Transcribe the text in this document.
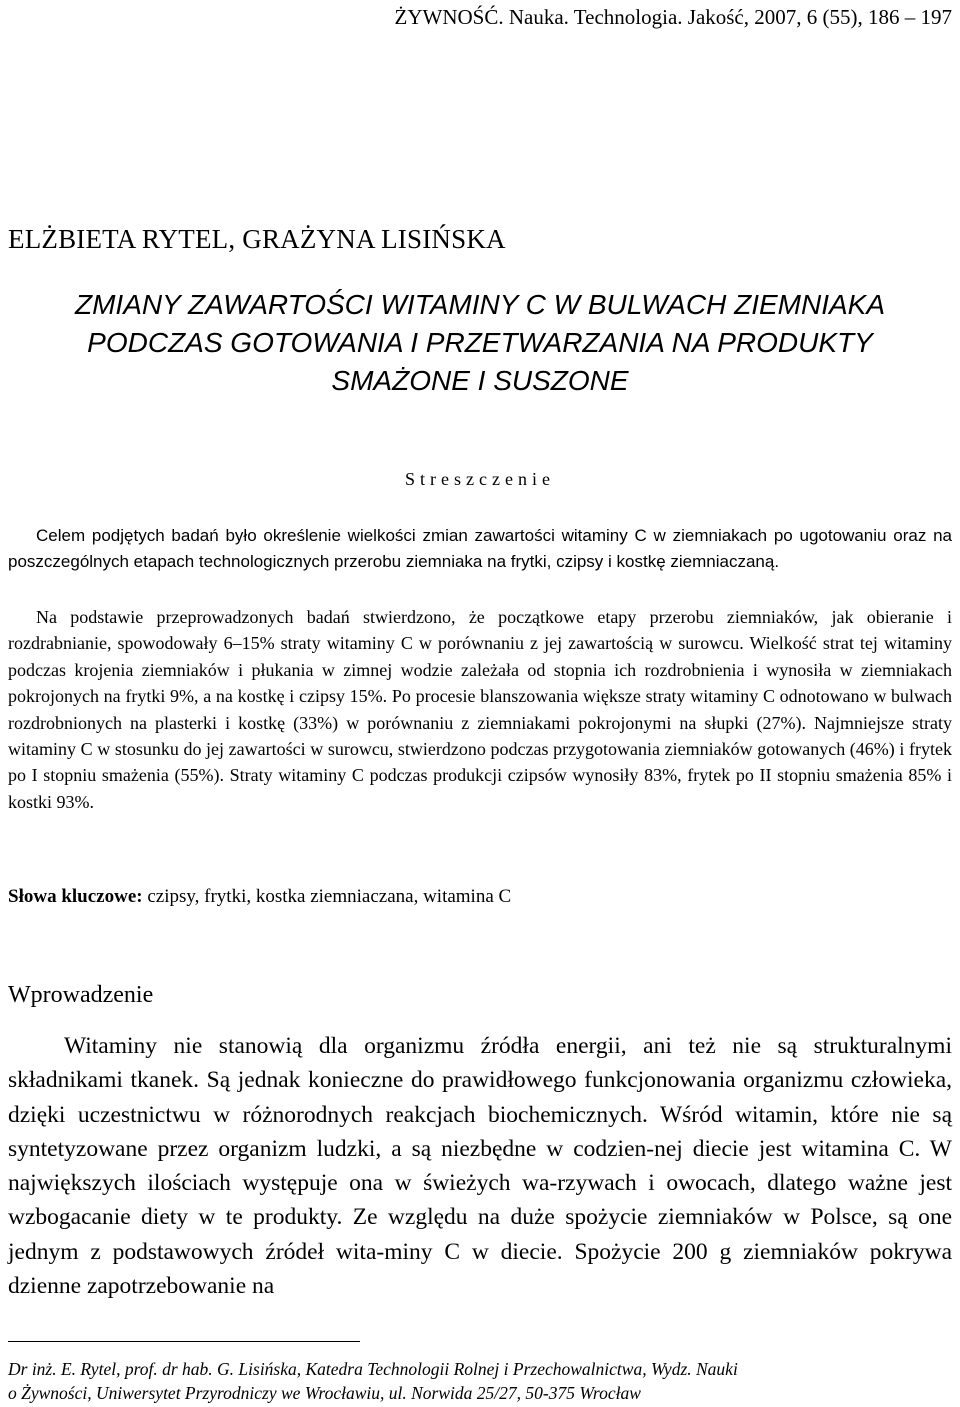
ŻYWNOŚĆ. Nauka. Technologia. Jakość, 2007, 6 (55), 186 – 197
ELŻBIETA RYTEL, GRAŻYNA LISIŃSKA
ZMIANY ZAWARTOŚCI WITAMINY C W BULWACH ZIEMNIAKA
PODCZAS GOTOWANIA I PRZETWARZANIA NA PRODUKTY
SMAŻONE I SUSZONE
Streszczenie

Celem podjętych badań było określenie wielkości zmian zawartości witaminy C w ziemniakach po ugotowaniu oraz na poszczególnych etapach technologicznych przerobu ziemniaka na frytki, czipsy i kostkę ziemniaczaną.

Na podstawie przeprowadzonych badań stwierdzono, że początkowe etapy przerobu ziemniaków, jak obieranie i rozdrabnianie, spowodowały 6–15% straty witaminy C w porównaniu z jej zawartością w surowcu. Wielkość strat tej witaminy podczas krojenia ziemniaków i płukania w zimnej wodzie zależała od stopnia ich rozdrobnienia i wynosiła w ziemniakach pokrojonych na frytki 9%, a na kostkę i czipsy 15%. Po procesie blanszowania większe straty witaminy C odnotowano w bulwach rozdrobnionych na plasterki i kostkę (33%) w porównaniu z ziemniakami pokrojonymi na słupki (27%). Najmniejsze straty witaminy C w stosunku do jej zawartości w surowcu, stwierdzono podczas przygotowania ziemniaków gotowanych (46%) i frytek po I stopniu smażenia (55%). Straty witaminy C podczas produkcji czipsów wynosiły 83%, frytek po II stopniu smażenia 85% i kostki 93%.

Słowa kluczowe: czipsy, frytki, kostka ziemniaczana, witamina C
Wprowadzenie

Witaminy nie stanowią dla organizmu źródła energii, ani też nie są strukturalnymi składnikami tkanek. Są jednak konieczne do prawidłowego funkcjonowania organizmu człowieka, dzięki uczestnictwu w różnorodnych reakcjach biochemicznych. Wśród witamin, które nie są syntetyzowane przez organizm ludzki, a są niezbędne w codzien-nej diecie jest witamina C. W największych ilościach występuje ona w świeżych wa-rzywach i owocach, dlatego ważne jest wzbogacanie diety w te produkty. Ze względu na duże spożycie ziemniaków w Polsce, są one jednym z podstawowych źródeł wita-miny C w diecie. Spożycie 200 g ziemniaków pokrywa dzienne zapotrzebowanie na

Dr inż. E. Rytel, prof. dr hab. G. Lisińska, Katedra Technologii Rolnej i Przechowalnictwa, Wydz. Nauki
o Żywności, Uniwersytet Przyrodniczy we Wrocławiu, ul. Norwida 25/27, 50-375 Wrocław
